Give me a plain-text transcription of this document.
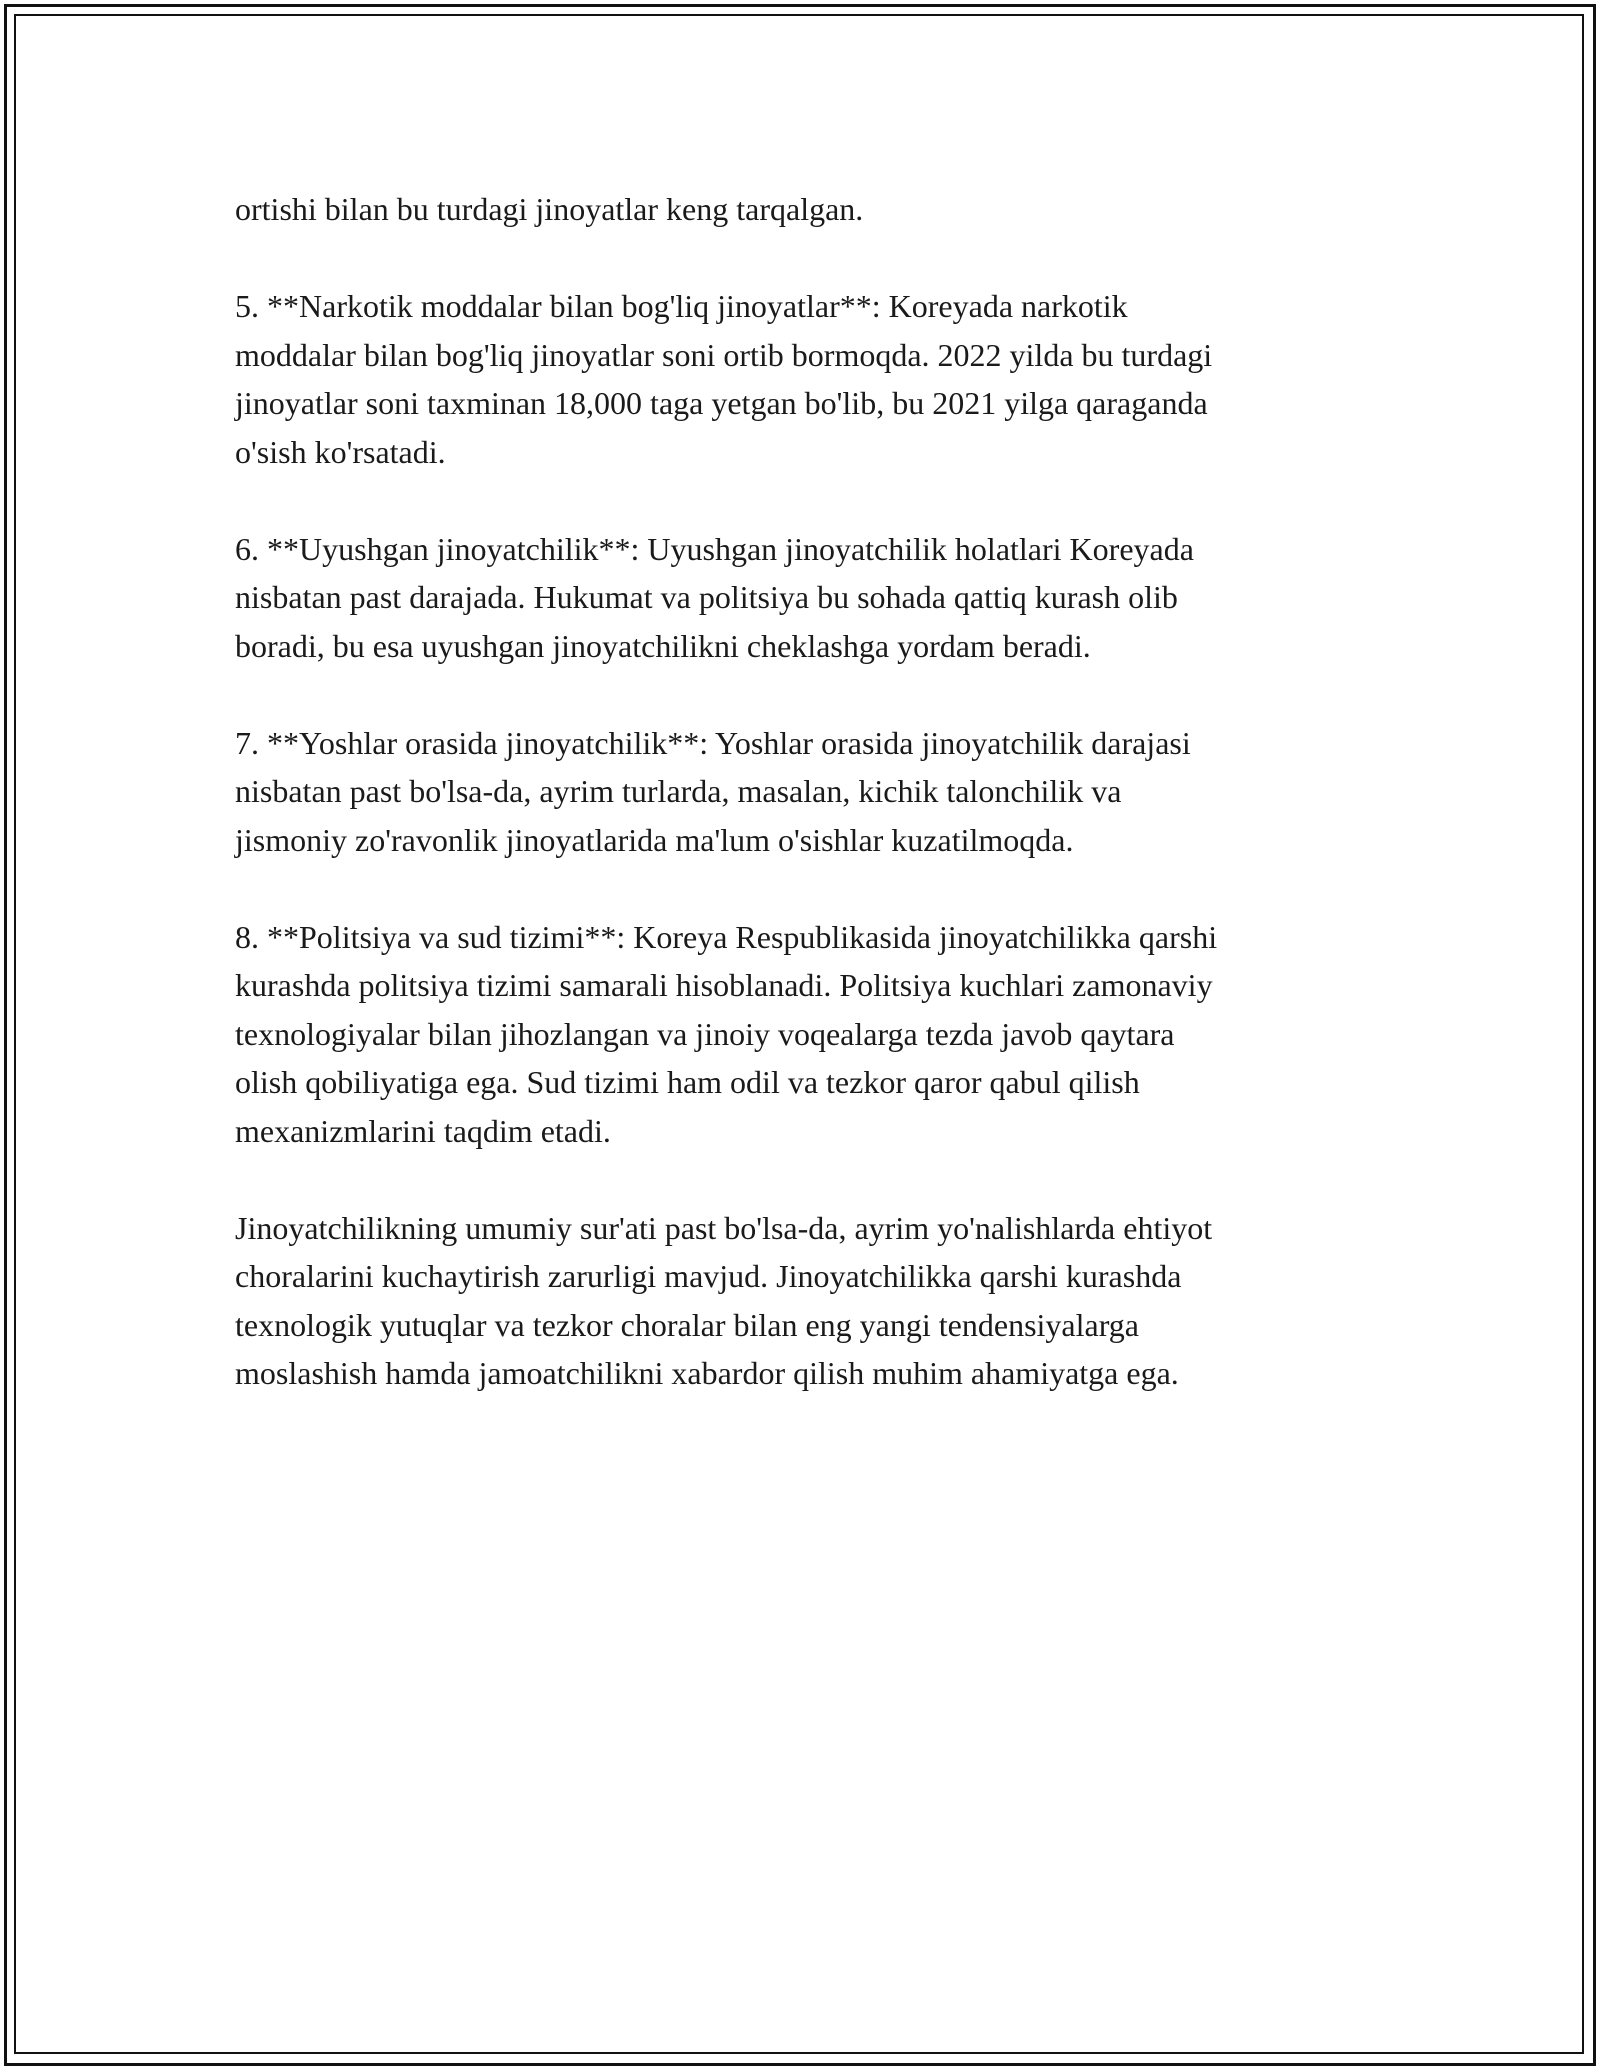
ortishi bilan bu turdagi jinoyatlar keng tarqalgan.

5. **Narkotik moddalar bilan bog'liq jinoyatlar**: Koreyada narkotik
moddalar bilan bog'liq jinoyatlar soni ortib bormoqda. 2022 yilda bu turdagi
jinoyatlar soni taxminan 18,000 taga yetgan bo'lib, bu 2021 yilga qaraganda
o'sish ko'rsatadi.

6. **Uyushgan jinoyatchilik**: Uyushgan jinoyatchilik holatlari Koreyada
nisbatan past darajada. Hukumat va politsiya bu sohada qattiq kurash olib
boradi, bu esa uyushgan jinoyatchilikni cheklashga yordam beradi.

7. **Yoshlar orasida jinoyatchilik**: Yoshlar orasida jinoyatchilik darajasi
nisbatan past bo'lsa-da, ayrim turlarda, masalan, kichik talonchilik va
jismoniy zo'ravonlik jinoyatlarida ma'lum o'sishlar kuzatilmoqda.

8. **Politsiya va sud tizimi**: Koreya Respublikasida jinoyatchilikka qarshi
kurashda politsiya tizimi samarali hisoblanadi. Politsiya kuchlari zamonaviy
texnologiyalar bilan jihozlangan va jinoiy voqealarga tezda javob qaytara
olish qobiliyatiga ega. Sud tizimi ham odil va tezkor qaror qabul qilish
mexanizmlarini taqdim etadi.

Jinoyatchilikning umumiy sur'ati past bo'lsa-da, ayrim yo'nalishlarda ehtiyot
choralarini kuchaytirish zarurligi mavjud. Jinoyatchilikka qarshi kurashda
texnologik yutuqlar va tezkor choralar bilan eng yangi tendensiyalarga
moslashish hamda jamoatchilikni xabardor qilish muhim ahamiyatga ega.
